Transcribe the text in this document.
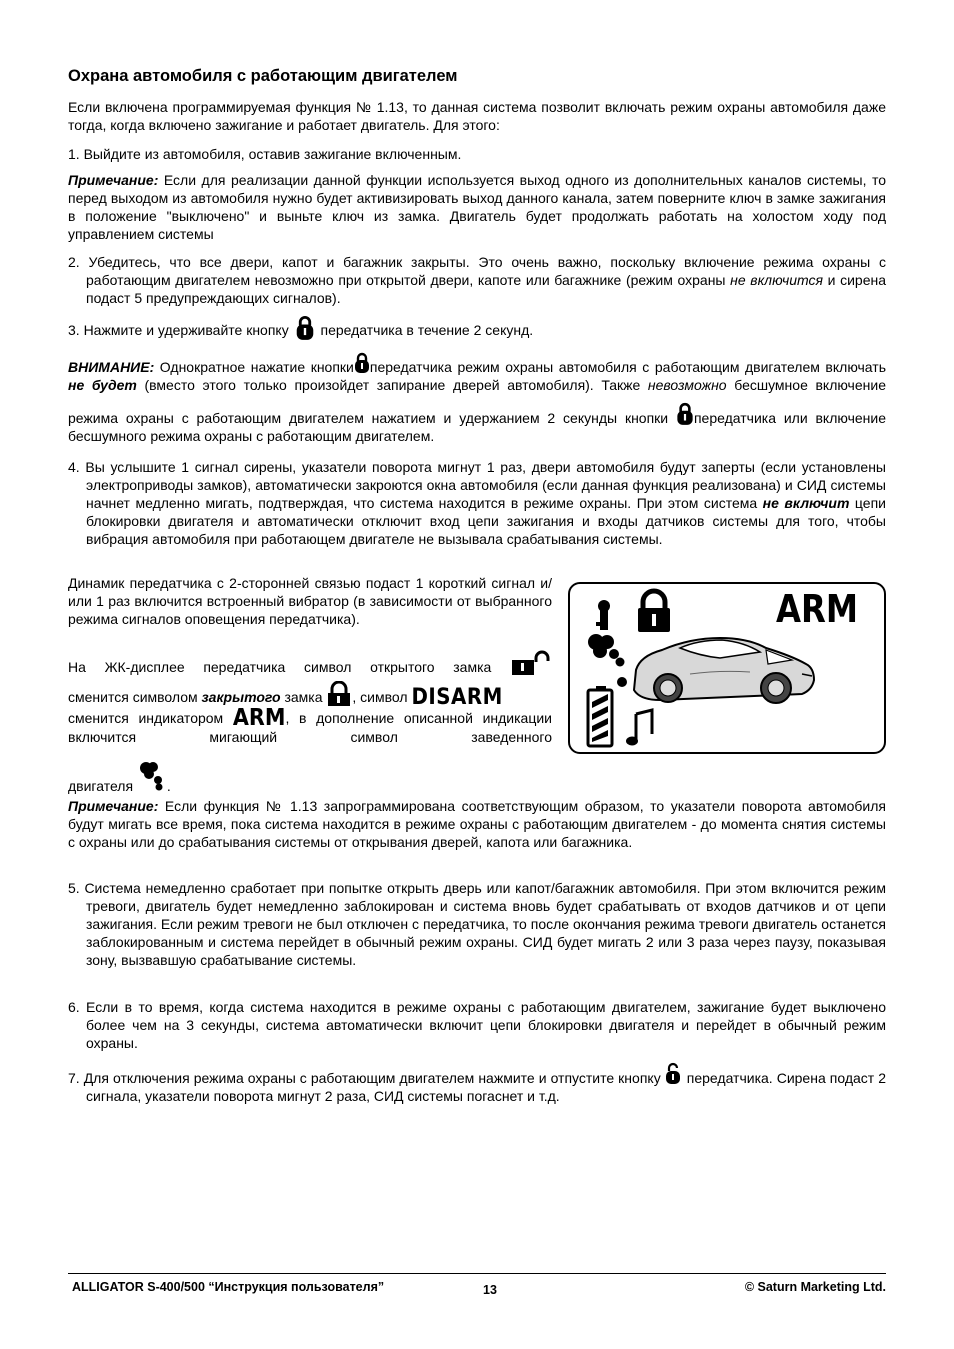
Охрана автомобиля с работающим двигателем

Если включена программируемая функция № 1.13, то данная система позволит включать режим охраны автомобиля даже тогда, когда включено зажигание и работает двигатель. Для этого:

1. Выйдите из автомобиля, оставив зажигание включенным.

Примечание: Если для реализации данной функции используется выход одного из дополнительных каналов системы, то перед выходом из автомобиля нужно будет активизировать выход данного канала, затем поверните ключ в замке зажигания в положение "выключено" и выньте ключ из замка. Двигатель будет продолжать работать на холостом ходу под управлением системы

2. Убедитесь, что все двери, капот и багажник закрыты. Это очень важно, поскольку включение режима охраны с работающим двигателем невозможно при открытой двери, капоте или багажнике (режим охраны не включится и сирена подаст 5 предупреждающих сигналов).

3. Нажмите и удерживайте кнопку передатчика в течение 2 секунд.

ВНИМАНИЕ: Однократное нажатие кнопки передатчика режим охраны автомобиля с работающим двигателем включать не будет (вместо этого только произойдет запирание дверей автомобиля). Также невозможно бесшумное включение режима охраны с работающим двигателем нажатием и удержанием 2 секунды кнопки передатчика или включение бесшумного режима охраны с работающим двигателем.

4. Вы услышите 1 сигнал сирены, указатели поворота мигнут 1 раз, двери автомобиля будут заперты (если установлены электроприводы замков), автоматически закроются окна автомобиля (если данная функция реализована) и СИД системы начнет медленно мигать, подтверждая, что система находится в режиме охраны. При этом система не включит цепи блокировки двигателя и автоматически отключит вход цепи зажигания и входы датчиков системы для того, чтобы вибрация автомобиля при работающем двигателе не вызывала срабатывания системы.

Динамик передатчика с 2-сторонней связью подаст 1 короткий сигнал и/или 1 раз включится встроенный вибратор (в зависимости от выбранного режима сигналов оповещения передатчика).

На ЖК-дисплее передатчика символ открытого замка

сменится символом закрытого замка , символ DISARM

сменится индикатором ARM, в дополнение описанной индикации включится мигающий символ заведенного

двигателя .

ARM

Примечание: Если функция № 1.13 запрограммирована соответствующим образом, то указатели поворота автомобиля будут мигать все время, пока система находится в режиме охраны с работающим двигателем - до момента снятия системы с охраны или до срабатывания системы от открывания дверей, капота или багажника.

5. Система немедленно сработает при попытке открыть дверь или капот/багажник автомобиля. При этом включится режим тревоги, двигатель будет немедленно заблокирован и система вновь будет срабатывать от входов датчиков и от цепи зажигания. Если режим тревоги не был отключен с передатчика, то после окончания режима тревоги двигатель останется заблокированным и система перейдет в обычный режим охраны. СИД будет мигать 2 или 3 раза через паузу, показывая зону, вызвавшую срабатывание системы.

6. Если в то время, когда система находится в режиме охраны с работающим двигателем, зажигание будет выключено более чем на 3 секунды, система автоматически включит цепи блокировки двигателя и перейдет в обычный режим охраны.

7. Для отключения режима охраны с работающим двигателем нажмите и отпустите кнопку передатчика. Сирена подаст 2 сигнала, указатели поворота мигнут 2 раза, СИД системы погаснет и т.д.

ALLIGATOR S-400/500 “Инструкция пользователя”	13	© Saturn Marketing Ltd.
